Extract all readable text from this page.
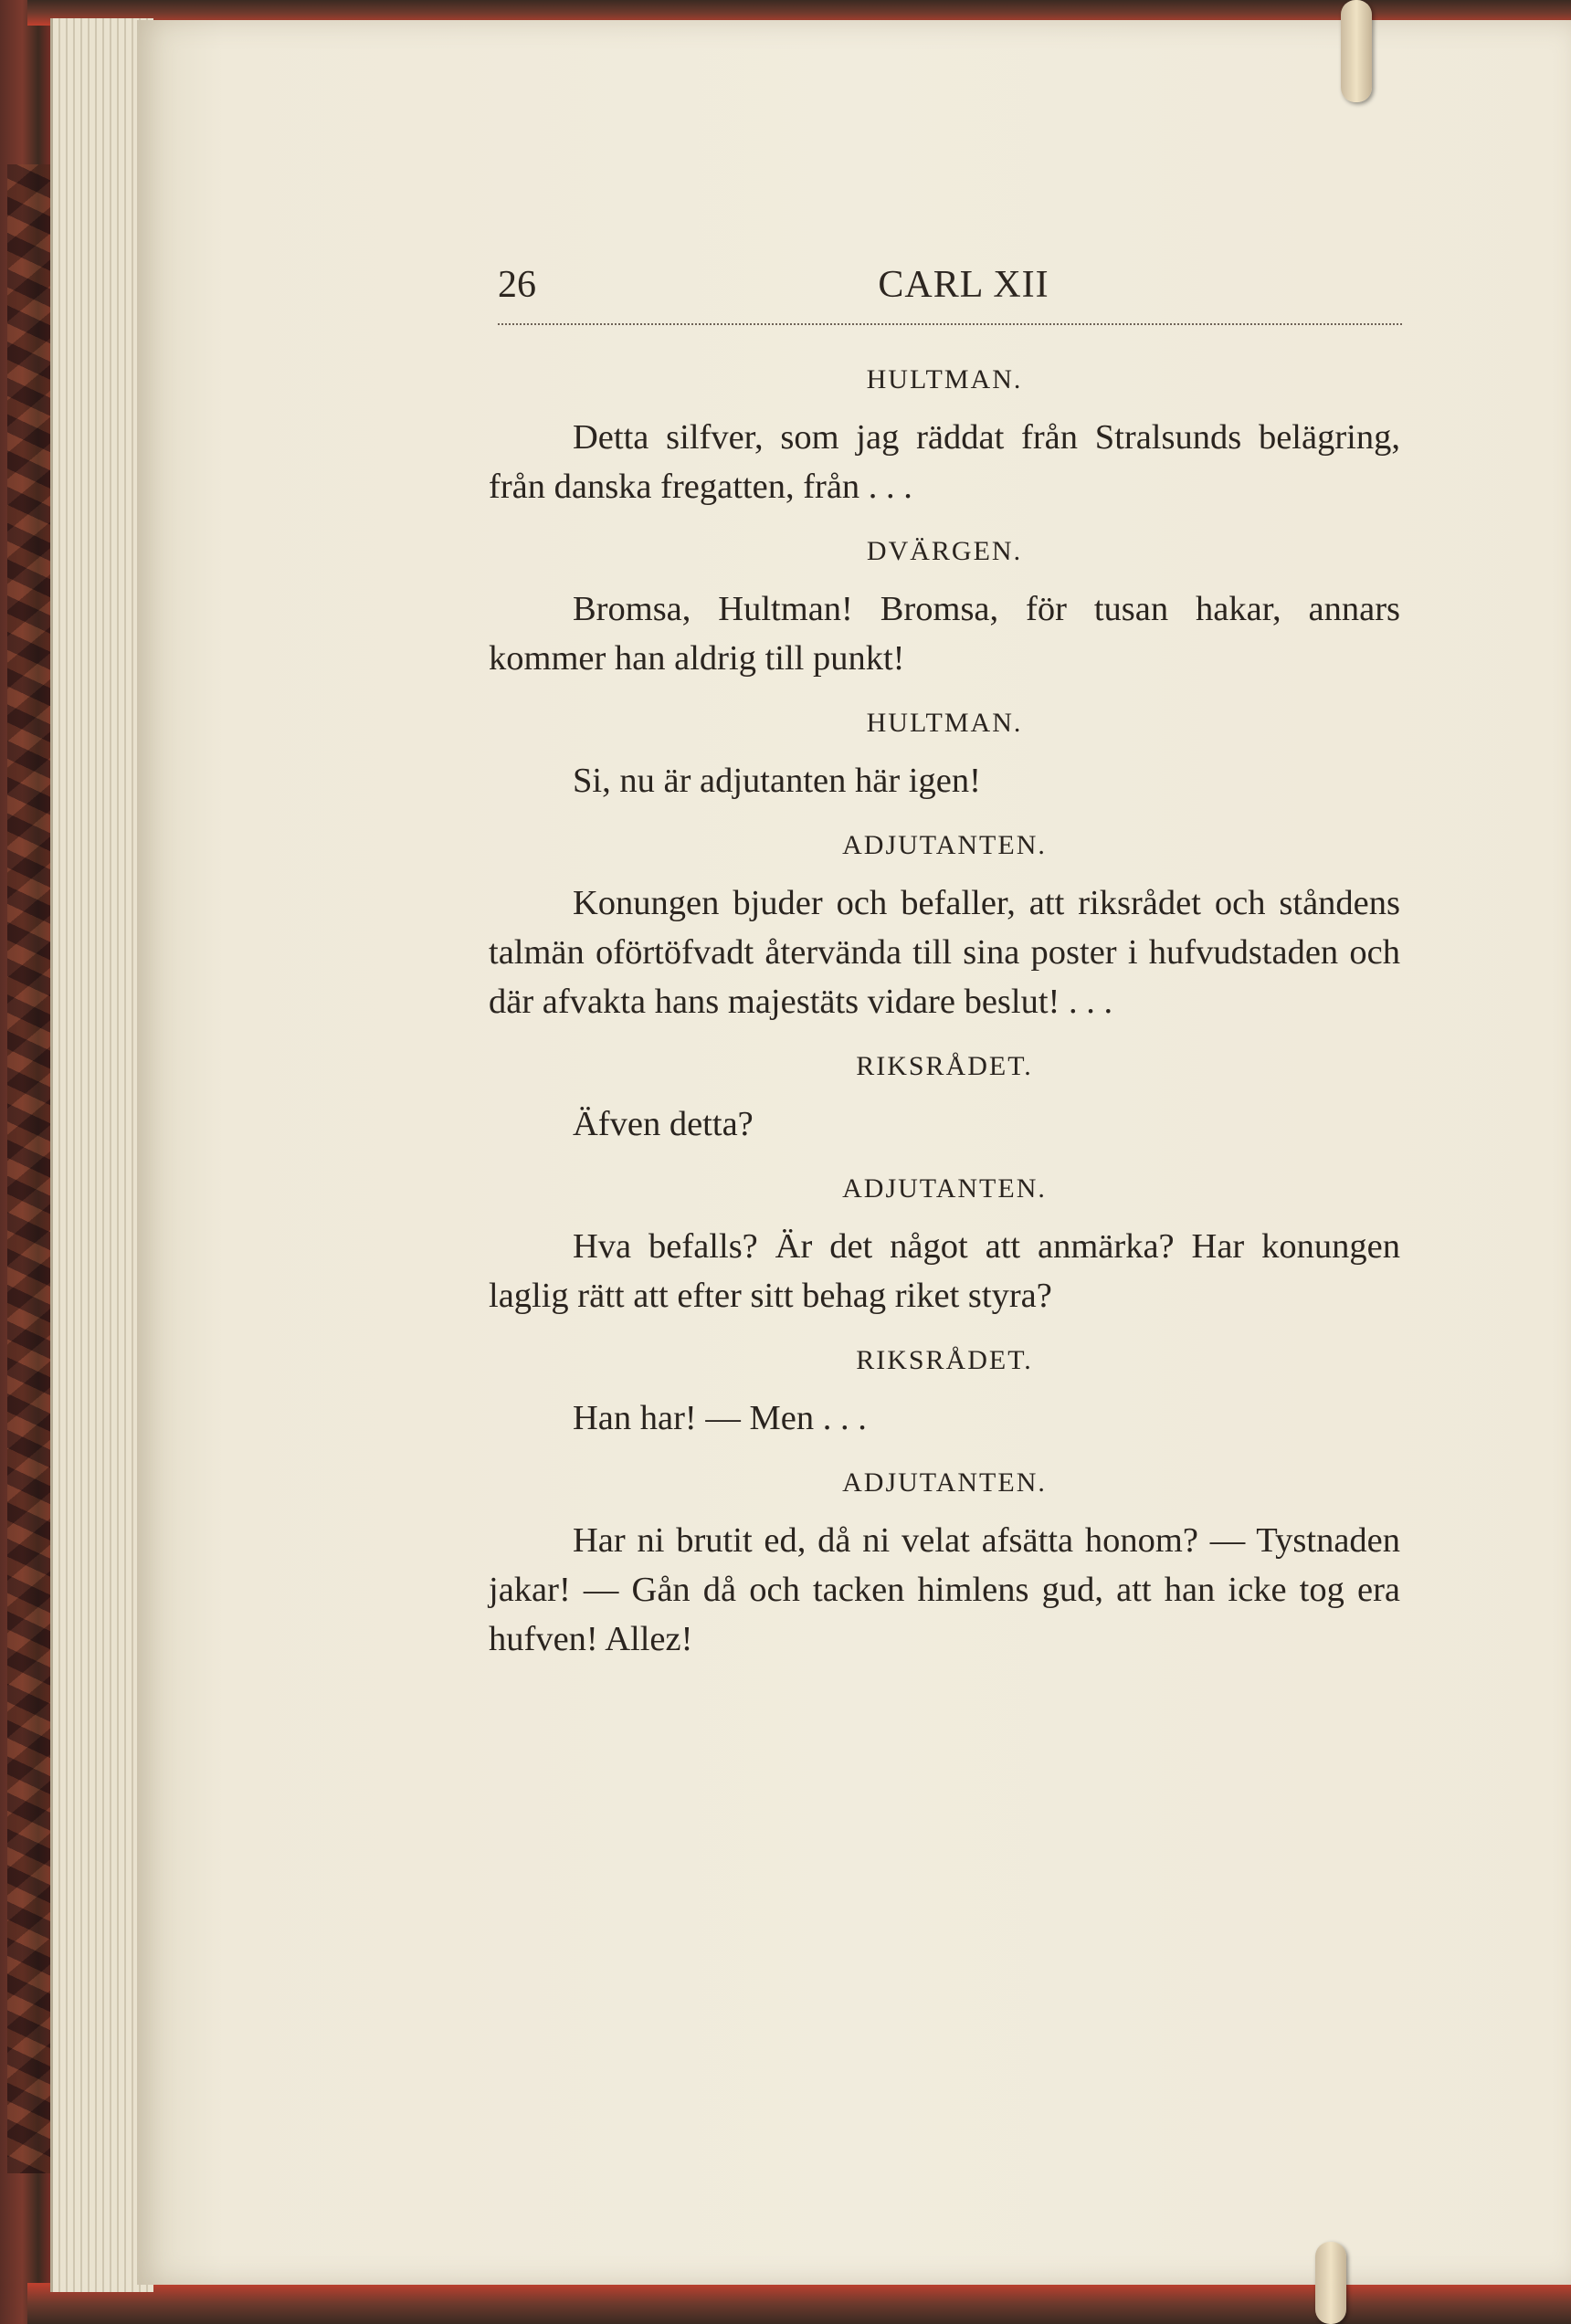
26	CARL XII

HULTMAN.

Detta silfver, som jag räddat från Stralsunds belägring, från danska fregatten, från . . .

DVÄRGEN.

Bromsa, Hultman! Bromsa, för tusan hakar, annars kommer han aldrig till punkt!

HULTMAN.

Si, nu är adjutanten här igen!

ADJUTANTEN.

Konungen bjuder och befaller, att riksrådet och ståndens talmän oförtöfvadt återvända till sina poster i hufvudstaden och där afvakta hans majestäts vidare beslut! . . .

RIKSRÅDET.

Äfven detta?

ADJUTANTEN.

Hva befalls? Är det något att anmärka? Har konungen laglig rätt att efter sitt behag riket styra?

RIKSRÅDET.

Han har! — Men . . .

ADJUTANTEN.

Har ni brutit ed, då ni velat afsätta honom? — Tystnaden jakar! — Gån då och tacken himlens gud, att han icke tog era hufven! Allez!
